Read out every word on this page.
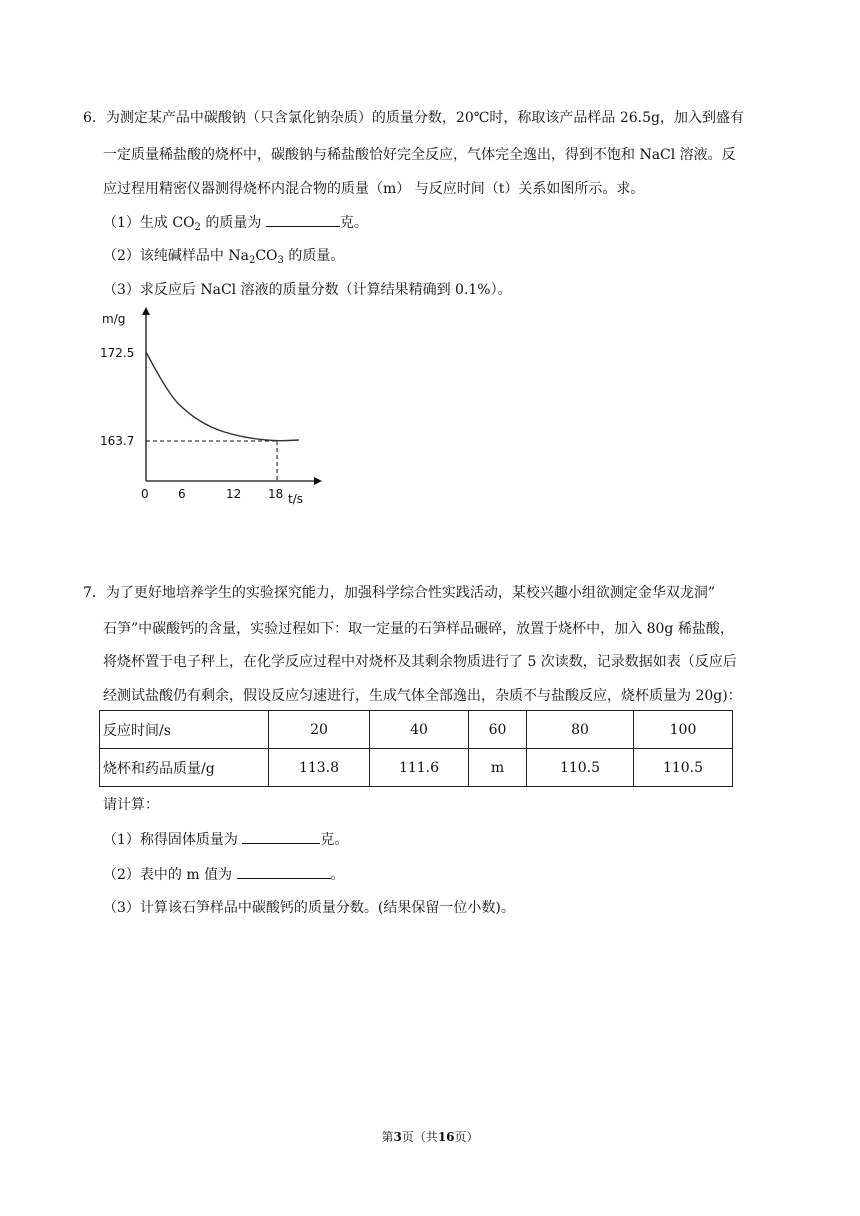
6．为测定某产品中碳酸钠（只含氯化钠杂质）的质量分数，20℃时，称取该产品样品 26.5g，加入到盛有
一定质量稀盐酸的烧杯中，碳酸钠与稀盐酸恰好完全反应，气体完全逸出，得到不饱和 NaCl 溶液。反
应过程用精密仪器测得烧杯内混合物的质量（m） 与反应时间（t）关系如图所示。求。
（1）生成 $CO_2$ 的质量为	克。
（2）该纯碱样品中 $Na_2CO_3$ 的质量。
（3）求反应后 NaCl 溶液的质量分数（计算结果精确到 0.1%）。
m/g
t/s
172.5
163.7
0 6	12 18
7．为了更好地培养学生的实验探究能力，加强科学综合性实践活动，某校兴趣小组欲测定金华双龙洞”
石笋”中碳酸钙的含量，实验过程如下：取一定量的石笋样品碾碎，放置于烧杯中，加入 80g 稀盐酸，
将烧杯置于电子秤上，在化学反应过程中对烧杯及其剩余物质进行了 5 次读数，记录数据如表（反应后
经测试盐酸仍有剩余，假设反应匀速进行，生成气体全部逸出，杂质不与盐酸反应，烧杯质量为 20g)：
反应时间/s	20	40	60	80	100
烧杯和药品质量/g	113.8	111.6	m	110.5	110.5
请计算：
（1）称得固体质量为	克。
（2）表中的 m 值为	。
（3）计算该石笋样品中碳酸钙的质量分数。(结果保留一位小数)。
第3页（共16页）
